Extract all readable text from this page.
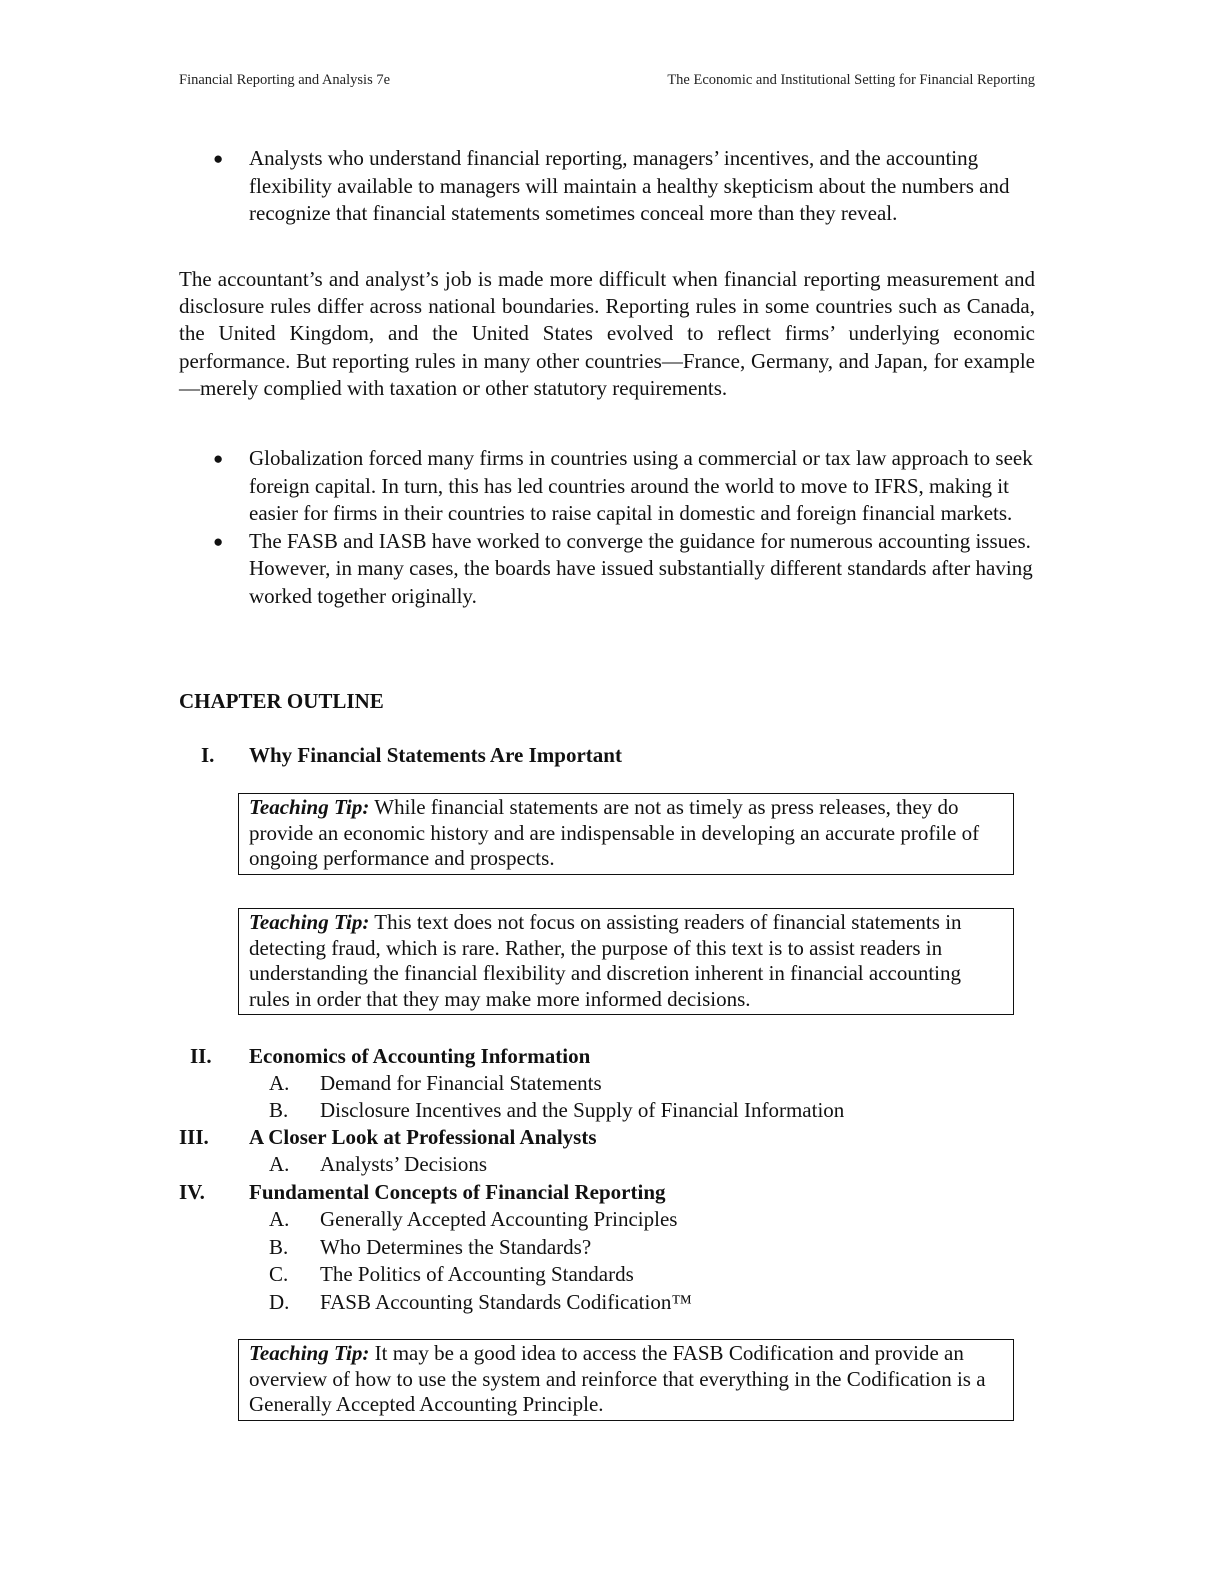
Financial Reporting and Analysis 7e	The Economic and Institutional Setting for Financial Reporting
● Analysts who understand financial reporting, managers’ incentives, and the accounting flexibility available to managers will maintain a healthy skepticism about the numbers and recognize that financial statements sometimes conceal more than they reveal.

The accountant’s and analyst’s job is made more difficult when financial reporting measurement and disclosure rules differ across national boundaries. Reporting rules in some countries such as Canada, the United Kingdom, and the United States evolved to reflect firms’ underlying economic performance. But reporting rules in many other countries—France, Germany, and Japan, for example—merely complied with taxation or other statutory requirements.

● Globalization forced many firms in countries using a commercial or tax law approach to seek foreign capital. In turn, this has led countries around the world to move to IFRS, making it easier for firms in their countries to raise capital in domestic and foreign financial markets.
● The FASB and IASB have worked to converge the guidance for numerous accounting issues. However, in many cases, the boards have issued substantially different standards after having worked together originally.
CHAPTER OUTLINE
I. Why Financial Statements Are Important
Teaching Tip: While financial statements are not as timely as press releases, they do provide an economic history and are indispensable in developing an accurate profile of ongoing performance and prospects.
Teaching Tip: This text does not focus on assisting readers of financial statements in detecting fraud, which is rare. Rather, the purpose of this text is to assist readers in understanding the financial flexibility and discretion inherent in financial accounting rules in order that they may make more informed decisions.
II. Economics of Accounting Information
A. Demand for Financial Statements
B. Disclosure Incentives and the Supply of Financial Information
III. A Closer Look at Professional Analysts
A. Analysts’ Decisions
IV. Fundamental Concepts of Financial Reporting
A. Generally Accepted Accounting Principles
B. Who Determines the Standards?
C. The Politics of Accounting Standards
D. FASB Accounting Standards Codification™
Teaching Tip: It may be a good idea to access the FASB Codification and provide an overview of how to use the system and reinforce that everything in the Codification is a Generally Accepted Accounting Principle.
